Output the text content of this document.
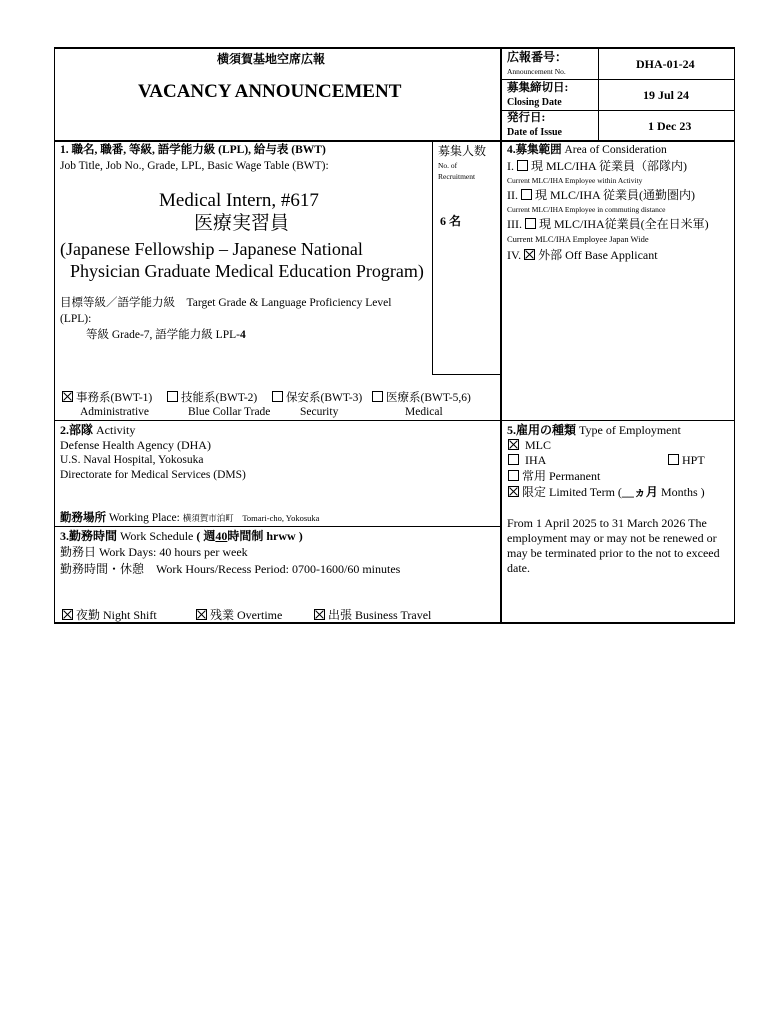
横須賀基地空席広報
VACANCY ANNOUNCEMENT
広報番号：
Announcement No.
DHA-01-24
募集締切日:
Closing Date
19 Jul 24
発行日:
Date of Issue	1 Dec 23
1. 職名, 職番, 等級, 語学能力級 (LPL), 給与表 (BWT)
Job Title, Job No., Grade, LPL, Basic Wage Table (BWT):
Medical Intern, #617
医療実習員
(Japanese Fellowship – Japanese National
Physician Graduate Medical Education Program)
目標等級／語学能力級　Target Grade & Language Proficiency Level
(LPL):
等級 Grade-7, 語学能力級 LPL-4
募集人数
No. of
Recruitment
6 名
事務系(BWT-1)	技能系(BWT-2)	保安系(BWT-3)	医療系(BWT-5,6)
Administrative	Blue Collar Trade	Security	Medical
2.部隊 Activity
Defense Health Agency (DHA)
U.S. Naval Hospital, Yokosuka
Directorate for Medical Services (DMS)
勤務場所 Working Place: 横須賀市泊町 Tomari-cho, Yokosuka
3.勤務時間 Work Schedule ( 週40時間制 hrww )
勤務日 Work Days: 40 hours per week
勤務時間・休憩　Work Hours/Recess Period: 0700-1600/60 minutes
夜勤 Night Shift	残業 Overtime	出張 Business Travel
4.募集範囲 Area of Consideration
I. 現 MLC/IHA 従業員（部隊内)
Current MLC/IHA Employee within Activity
II. 現 MLC/IHA 従業員(通勤圏内)
Current MLC/IHA Employee in commuting distance
III. 現 MLC/IHA従業員(全在日米軍)
Current MLC/IHA Employee Japan Wide
IV. 外部 Off Base Applicant
5.雇用の種類 Type of Employment
MLC
IHA	HPT
常用 Permanent
限定 Limited Term (__ヵ月 Months )
From 1 April 2025 to 31 March 2026 The employment may or may not be renewed or may be terminated prior to the not to exceed date.
